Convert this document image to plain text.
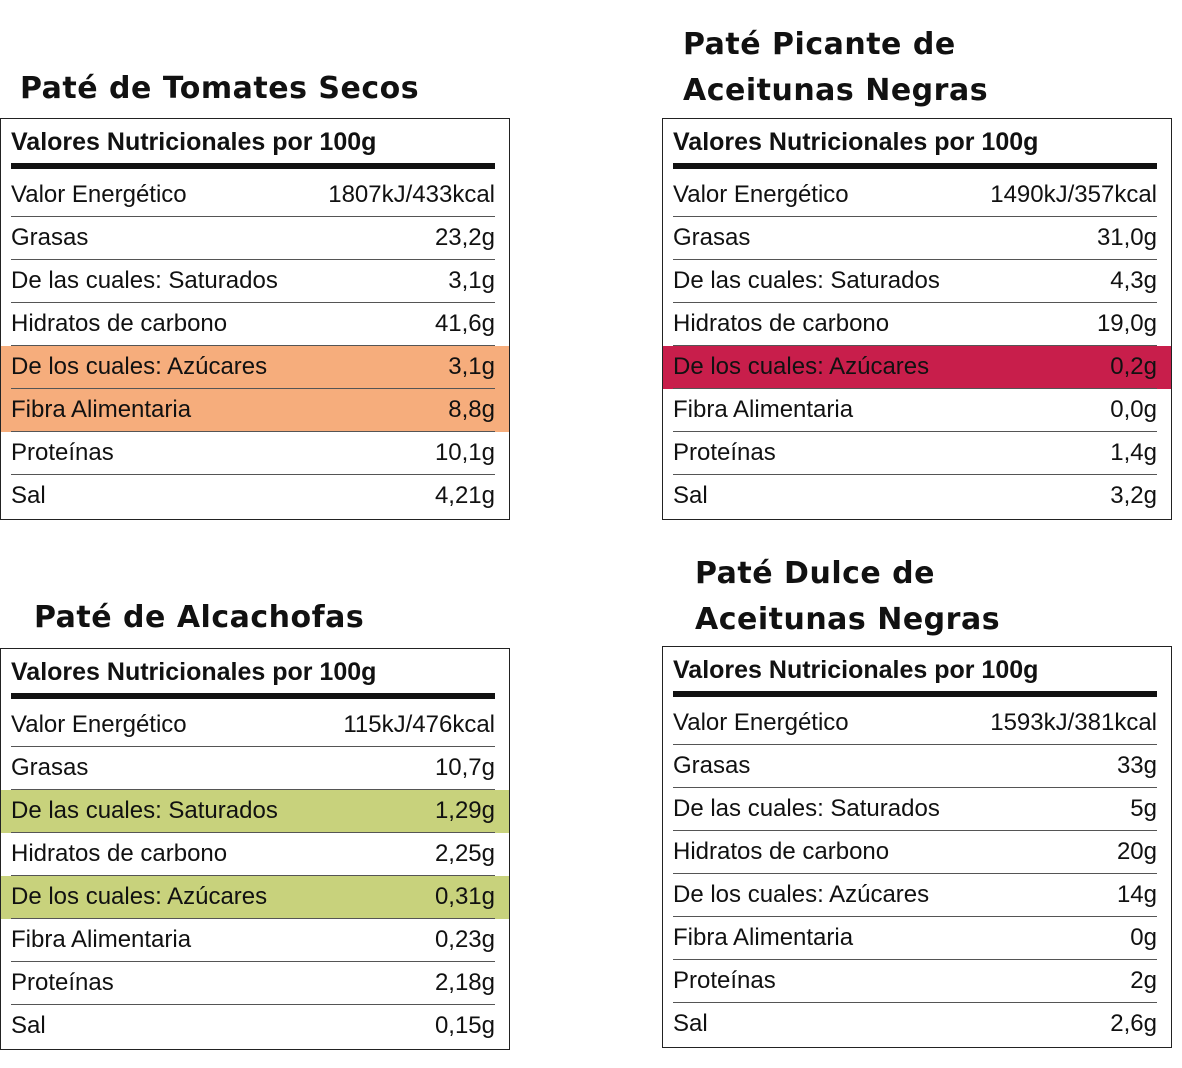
Paté de Tomates Secos
Valores Nutricionales por 100g
Valor Energético	1807kJ/433kcal
Grasas	23,2g
De las cuales: Saturados	3,1g
Hidratos de carbono	41,6g
De los cuales: Azúcares	3,1g
Fibra Alimentaria	8,8g
Proteínas	10,1g
Sal	4,21g
Paté Picante de
Aceitunas Negras
Valores Nutricionales por 100g
Valor Energético	1490kJ/357kcal
Grasas	31,0g
De las cuales: Saturados	4,3g
Hidratos de carbono	19,0g
De los cuales: Azúcares	0,2g
Fibra Alimentaria	0,0g
Proteínas	1,4g
Sal	3,2g
Paté de Alcachofas
Valores Nutricionales por 100g
Valor Energético	115kJ/476kcal
Grasas	10,7g
De las cuales: Saturados	1,29g
Hidratos de carbono	2,25g
De los cuales: Azúcares	0,31g
Fibra Alimentaria	0,23g
Proteínas	2,18g
Sal	0,15g
Paté Dulce de
Aceitunas Negras
Valores Nutricionales por 100g
Valor Energético	1593kJ/381kcal
Grasas	33g
De las cuales: Saturados	5g
Hidratos de carbono	20g
De los cuales: Azúcares	14g
Fibra Alimentaria	0g
Proteínas	2g
Sal	2,6g
